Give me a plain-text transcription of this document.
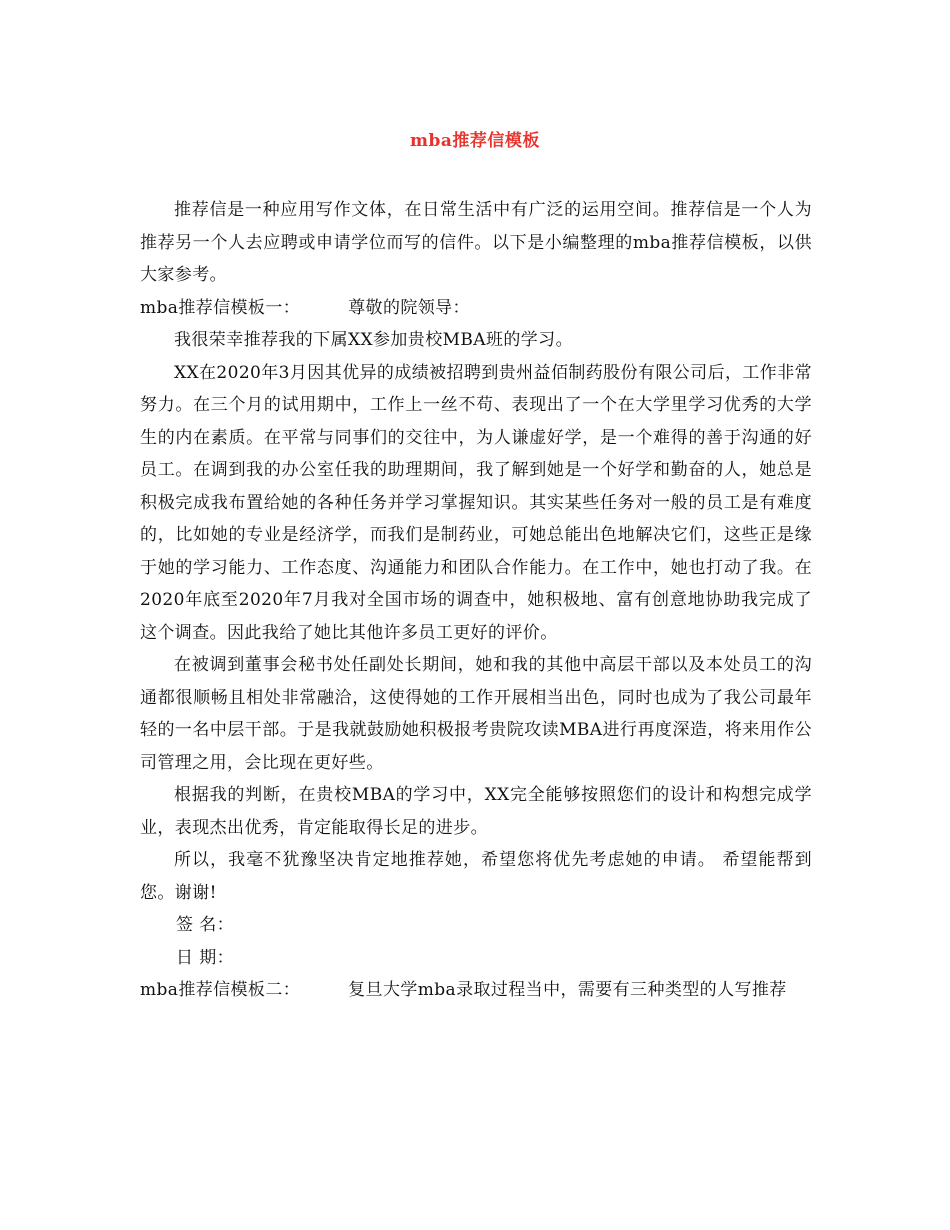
mba推荐信模板

推荐信是一种应用写作文体，在日常生活中有广泛的运用空间。推荐信是一个人为推荐另一个人去应聘或申请学位而写的信件。以下是小编整理的mba推荐信模板，以供大家参考。

mba推荐信模板一：	尊敬的院领导：

我很荣幸推荐我的下属XX参加贵校MBA班的学习。

XX在2020年3月因其优异的成绩被招聘到贵州益佰制药股份有限公司后，工作非常努力。在三个月的试用期中，工作上一丝不苟、表现出了一个在大学里学习优秀的大学生的内在素质。在平常与同事们的交往中，为人谦虚好学，是一个难得的善于沟通的好员工。在调到我的办公室任我的助理期间，我了解到她是一个好学和勤奋的人，她总是积极完成我布置给她的各种任务并学习掌握知识。其实某些任务对一般的员工是有难度的，比如她的专业是经济学，而我们是制药业，可她总能出色地解决它们，这些正是缘于她的学习能力、工作态度、沟通能力和团队合作能力。在工作中，她也打动了我。在2020年底至2020年7月我对全国市场的调查中，她积极地、富有创意地协助我完成了这个调查。因此我给了她比其他许多员工更好的评价。

在被调到董事会秘书处任副处长期间，她和我的其他中高层干部以及本处员工的沟通都很顺畅且相处非常融洽，这使得她的工作开展相当出色，同时也成为了我公司最年轻的一名中层干部。于是我就鼓励她积极报考贵院攻读MBA进行再度深造，将来用作公司管理之用，会比现在更好些。

根据我的判断，在贵校MBA的学习中，XX完全能够按照您们的设计和构想完成学业，表现杰出优秀，肯定能取得长足的进步。

所以，我毫不犹豫坚决肯定地推荐她，希望您将优先考虑她的申请。 希望能帮到您。谢谢!

签 名：

日 期：

mba推荐信模板二：	复旦大学mba录取过程当中，需要有三种类型的人写推荐
